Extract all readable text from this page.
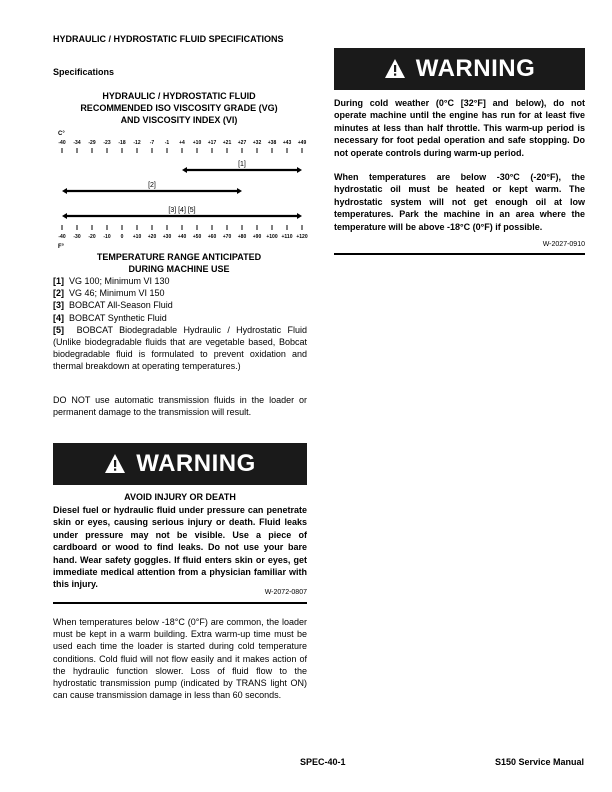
HYDRAULIC / HYDROSTATIC FLUID SPECIFICATIONS
Specifications
HYDRAULIC / HYDROSTATIC FLUID
RECOMMENDED ISO VISCOSITY GRADE (VG)
AND VISCOSITY INDEX (VI)
C°
-40 -34 -29 -23 -18 -12 -7 -1 +4 +10 +17 +21 +27 +32 +38 +43 +49
[1]
[2]
[3] [4] [5]
-40 -30 -20 -10 0 +10 +20 +30 +40 +50 +60 +70 +80 +90 +100 +110 +120
F°
TEMPERATURE RANGE ANTICIPATED
DURING MACHINE USE
[1] VG 100; Minimum VI 130
[2] VG 46; Minimum VI 150
[3] BOBCAT All-Season Fluid
[4] BOBCAT Synthetic Fluid
[5] BOBCAT Biodegradable Hydraulic / Hydrostatic Fluid (Unlike biodegradable fluids that are vegetable based, Bobcat biodegradable fluid is formulated to prevent oxidation and thermal breakdown at operating temperatures.)
DO NOT use automatic transmission fluids in the loader or permanent damage to the transmission will result.
WARNING
AVOID INJURY OR DEATH
Diesel fuel or hydraulic fluid under pressure can penetrate skin or eyes, causing serious injury or death. Fluid leaks under pressure may not be visible. Use a piece of cardboard or wood to find leaks. Do not use your bare hand. Wear safety goggles. If fluid enters skin or eyes, get immediate medical attention from a physician familiar with this injury.
W-2072-0807
When temperatures below -18°C (0°F) are common, the loader must be kept in a warm building. Extra warm-up time must be used each time the loader is started during cold temperature conditions. Cold fluid will not flow easily and it makes action of the hydraulic function slower. Loss of fluid flow to the hydrostatic transmission pump (indicated by TRANS light ON) can cause transmission damage in less than 60 seconds.
WARNING

During cold weather (0°C [32°F] and below), do not operate machine until the engine has run for at least five minutes at less than half throttle. This warm-up period is necessary for foot pedal operation and safe stopping. Do not operate controls during warm-up period.

When temperatures are below -30°C (-20°F), the hydrostatic oil must be heated or kept warm. The hydrostatic system will not get enough oil at low temperatures. Park the machine in an area where the temperature will be above -18°C (0°F) if possible.

W-2027-0910
SPEC-40-1	S150 Service Manual
